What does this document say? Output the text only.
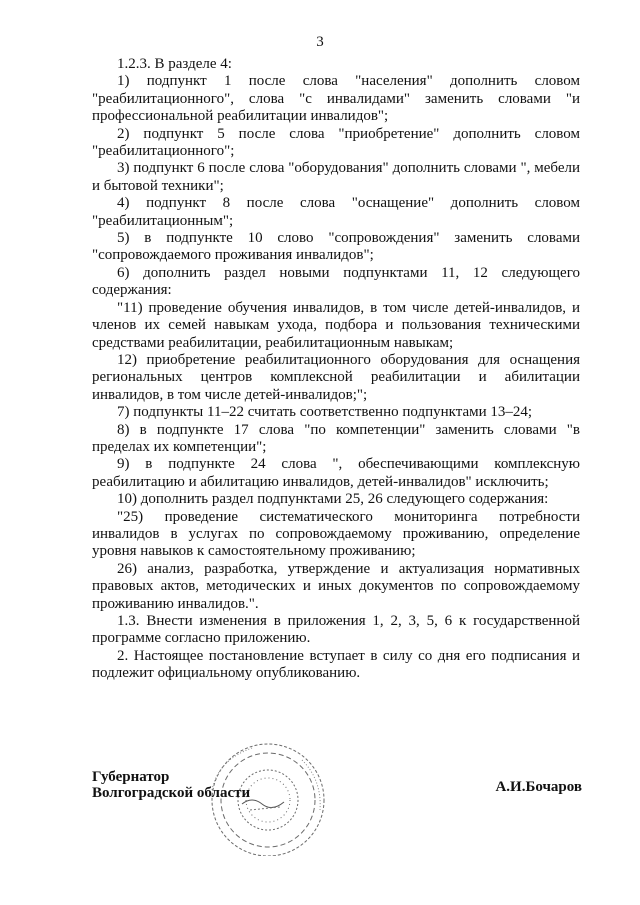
3

1.2.3. В разделе 4:

1) подпункт 1 после слова "населения" дополнить словом "реабилитационного", слова "с инвалидами" заменить словами "и профессиональной реабилитации инвалидов";

2) подпункт 5 после слова "приобретение" дополнить словом "реабилитационного";

3) подпункт 6 после слова "оборудования" дополнить словами ", мебели и бытовой техники";

4) подпункт 8 после слова "оснащение" дополнить словом "реабилитационным";

5) в подпункте 10 слово "сопровождения" заменить словами "сопровождаемого проживания инвалидов";

6) дополнить раздел новыми подпунктами 11, 12 следующего содержания:

"11) проведение обучения инвалидов, в том числе детей-инвалидов, и членов их семей навыкам ухода, подбора и пользования техническими средствами реабилитации, реабилитационным навыкам;

12) приобретение реабилитационного оборудования для оснащения региональных центров комплексной реабилитации и абилитации инвалидов, в том числе детей-инвалидов;";

7) подпункты 11–22 считать соответственно подпунктами 13–24;

8) в подпункте 17 слова "по компетенции" заменить словами "в пределах их компетенции";

9) в подпункте 24 слова ", обеспечивающими комплексную реабилитацию и абилитацию инвалидов, детей-инвалидов" исключить;

10) дополнить раздел подпунктами 25, 26 следующего содержания:

"25) проведение систематического мониторинга потребности инвалидов в услугах по сопровождаемому проживанию, определение уровня навыков к самостоятельному проживанию;

26) анализ, разработка, утверждение и актуализация нормативных правовых актов, методических и иных документов по сопровождаемому проживанию инвалидов.".

1.3. Внести изменения в приложения 1, 2, 3, 5, 6 к государственной программе согласно приложению.

2. Настоящее постановление вступает в силу со дня его подписания и подлежит официальному опубликованию.

Губернатор
Волгоградской области	А.И.Бочаров
